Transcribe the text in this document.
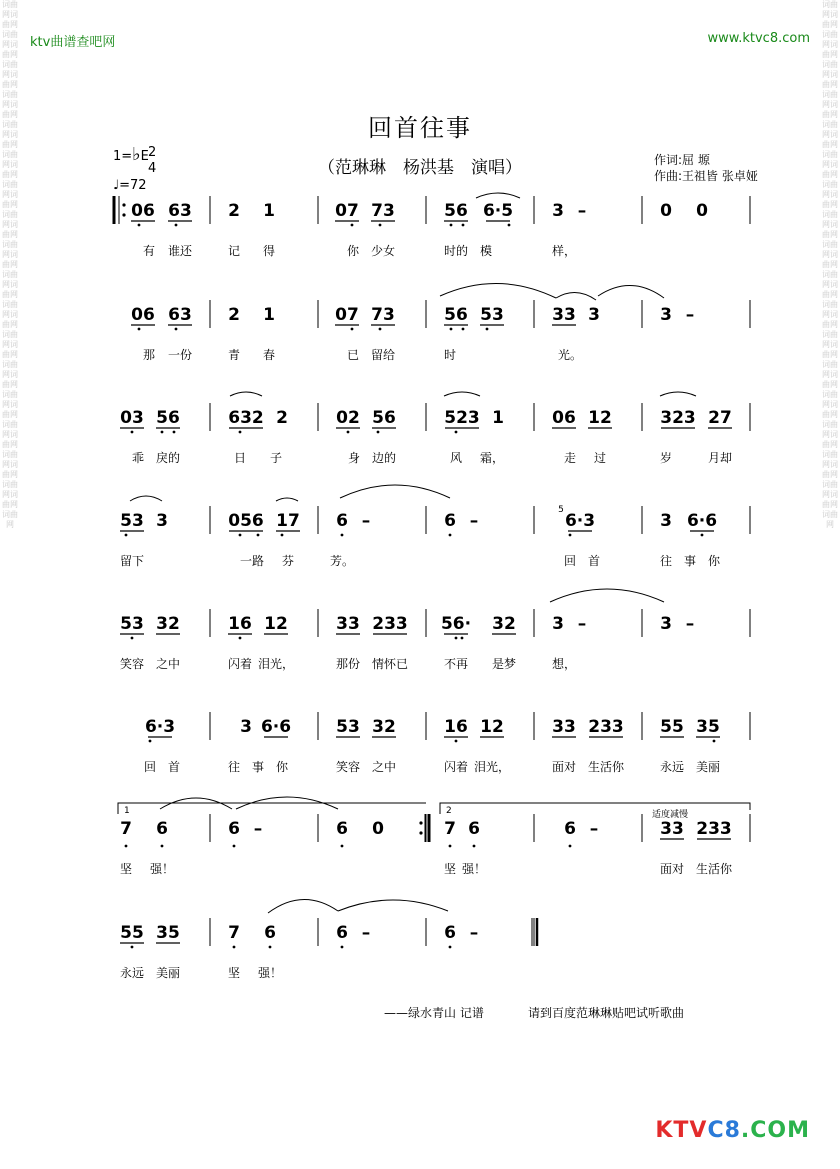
词曲网词曲网词曲网词曲网词曲网词曲网词曲网词曲网词曲网词曲网词曲网词曲网词曲网词曲网词曲网词曲网词曲网词曲网词曲网词曲网词曲网词曲网词曲网词曲网词曲网词曲网词曲网词曲网词曲网词曲网词曲网词曲网词曲网词曲网词曲网
词曲网词曲网词曲网词曲网词曲网词曲网词曲网词曲网词曲网词曲网词曲网词曲网词曲网词曲网词曲网词曲网词曲网词曲网词曲网词曲网词曲网词曲网词曲网词曲网词曲网词曲网词曲网词曲网词曲网词曲网词曲网词曲网词曲网词曲网词曲网
ktv曲谱查吧网	www.ktvc8.com
回首往事
（范琳琳　杨洪基　演唱）
1=♭E 2
4
♩=72
作词:屈 塬
作曲:王祖皆 张卓娅
06 63 2 1	07 73	56 6·5 3 –	0 0
有 谁还	记 得	你 少女	时的 模	样，
06 63 2 1	07 73	56 53	33 3	3 –
那 一份	青 春	已 留给	时	光。
03 56	632 2	02 56	523 1	06 12	323 27
乖 戾的	日 子	身 边的	风 霜，	走 过	岁	月却
53 3	056 17 6 –	6 –	6·3	3 6·6
留下	一路 芬	芳。	回 首	往 事 你
53 32	16 12	33 233 56· 32 3 –	3 –
笑容 之中	闪着 泪光，	那份 情怀已	不再 是梦	想，
6·3	3 6·6	53 32	16 12	33 233 55 35
回 首	往 事 你	笑容 之中	闪着 泪光，	面对 生活你	永远 美丽
7 6	6 –	6 0	7 6	6 –	33 233
坚 强！	坚 强！	面对 生活你
55 35	7 6	6 –	6 –
永远 美丽	坚 强！
1	2	适度减慢
5
——绿水青山 记谱	请到百度范琳琳贴吧试听歌曲
KTVC8.COM
